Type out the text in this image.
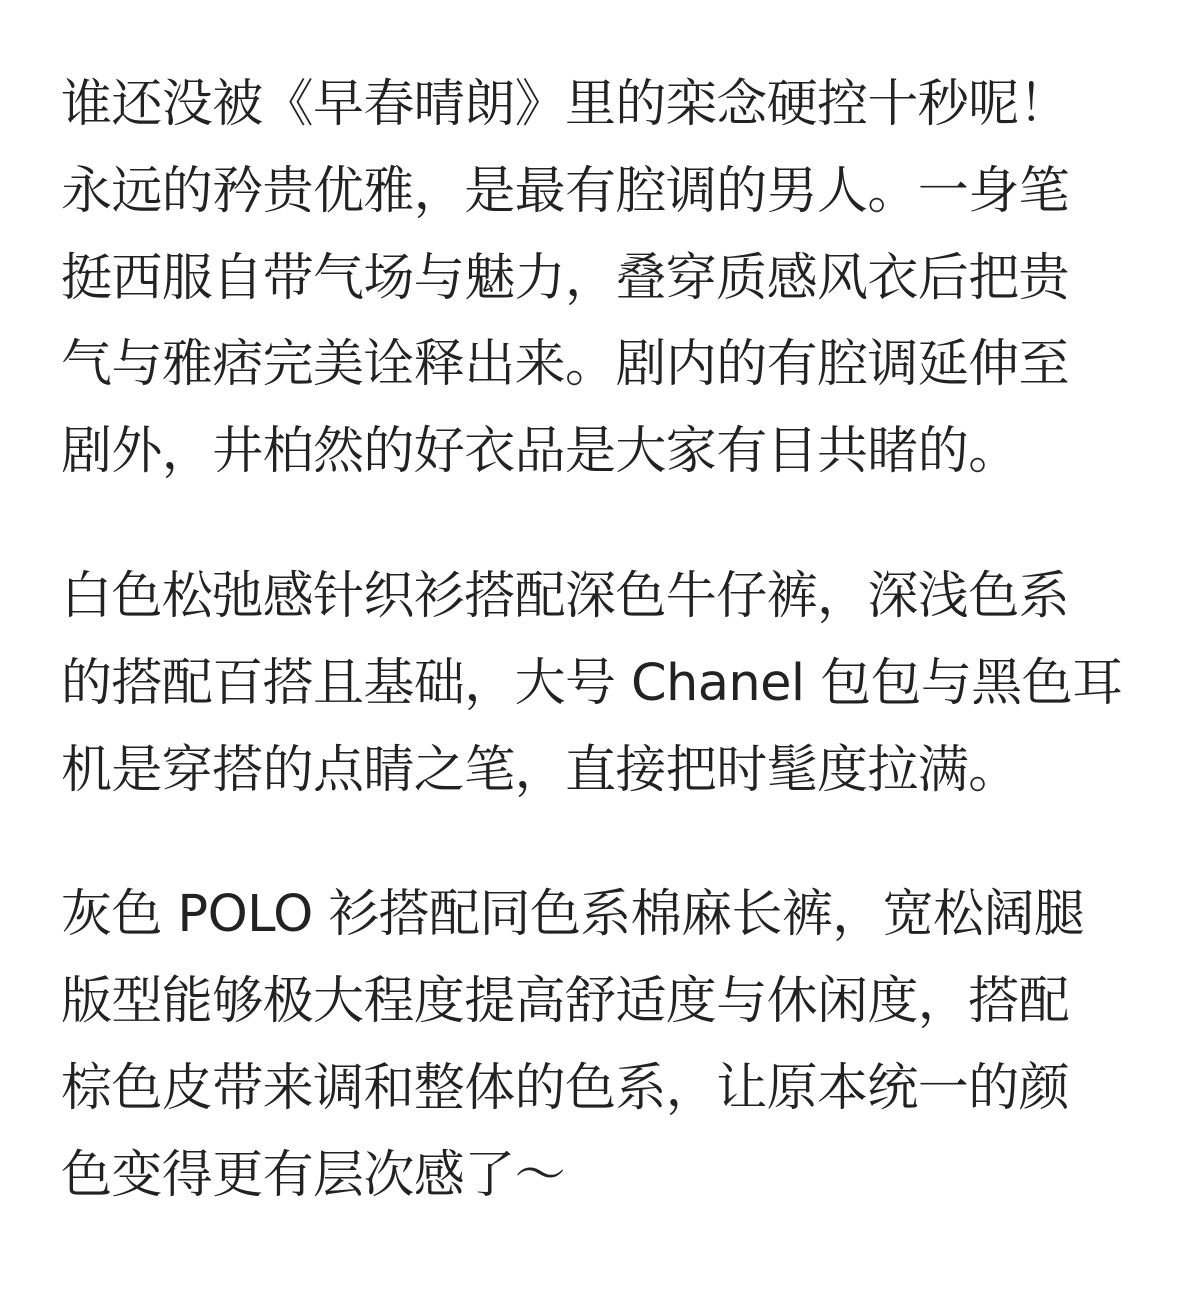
谁还没被《早春晴朗》里的栾念硬控十秒呢！
永远的矜贵优雅，是最有腔调的男人。一身笔
挺西服自带气场与魅力，叠穿质感风衣后把贵
气与雅痞完美诠释出来。剧内的有腔调延伸至
剧外，井柏然的好衣品是大家有目共睹的。

白色松弛感针织衫搭配深色牛仔裤，深浅色系
的搭配百搭且基础，大号 Chanel 包包与黑色耳
机是穿搭的点睛之笔，直接把时髦度拉满。

灰色 POLO 衫搭配同色系棉麻长裤，宽松阔腿
版型能够极大程度提高舒适度与休闲度，搭配
棕色皮带来调和整体的色系，让原本统一的颜
色变得更有层次感了～
